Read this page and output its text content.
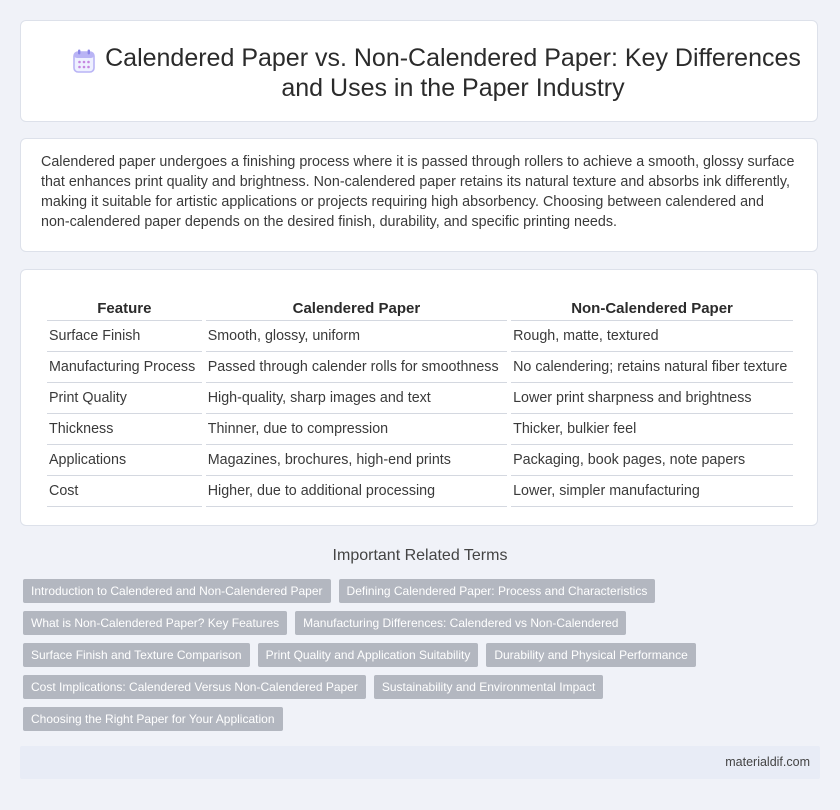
Calendered Paper vs. Non-Calendered Paper: Key Differences and Uses in the Paper Industry
Calendered paper undergoes a finishing process where it is passed through rollers to achieve a smooth, glossy surface that enhances print quality and brightness. Non-calendered paper retains its natural texture and absorbs ink differently, making it suitable for artistic applications or projects requiring high absorbency. Choosing between calendered and non-calendered paper depends on the desired finish, durability, and specific printing needs.
Feature	Calendered Paper	Non-Calendered Paper
Surface Finish	Smooth, glossy, uniform	Rough, matte, textured
Manufacturing Process	Passed through calender rolls for smoothness	No calendering; retains natural fiber texture
Print Quality	High-quality, sharp images and text	Lower print sharpness and brightness
Thickness	Thinner, due to compression	Thicker, bulkier feel
Applications	Magazines, brochures, high-end prints	Packaging, book pages, note papers
Cost	Higher, due to additional processing	Lower, simpler manufacturing
Important Related Terms
Introduction to Calendered and Non-Calendered Paper	Defining Calendered Paper: Process and Characteristics
What is Non-Calendered Paper? Key Features	Manufacturing Differences: Calendered vs Non-Calendered
Surface Finish and Texture Comparison	Print Quality and Application Suitability	Durability and Physical Performance
Cost Implications: Calendered Versus Non-Calendered Paper	Sustainability and Environmental Impact
Choosing the Right Paper for Your Application
materialdif.com
